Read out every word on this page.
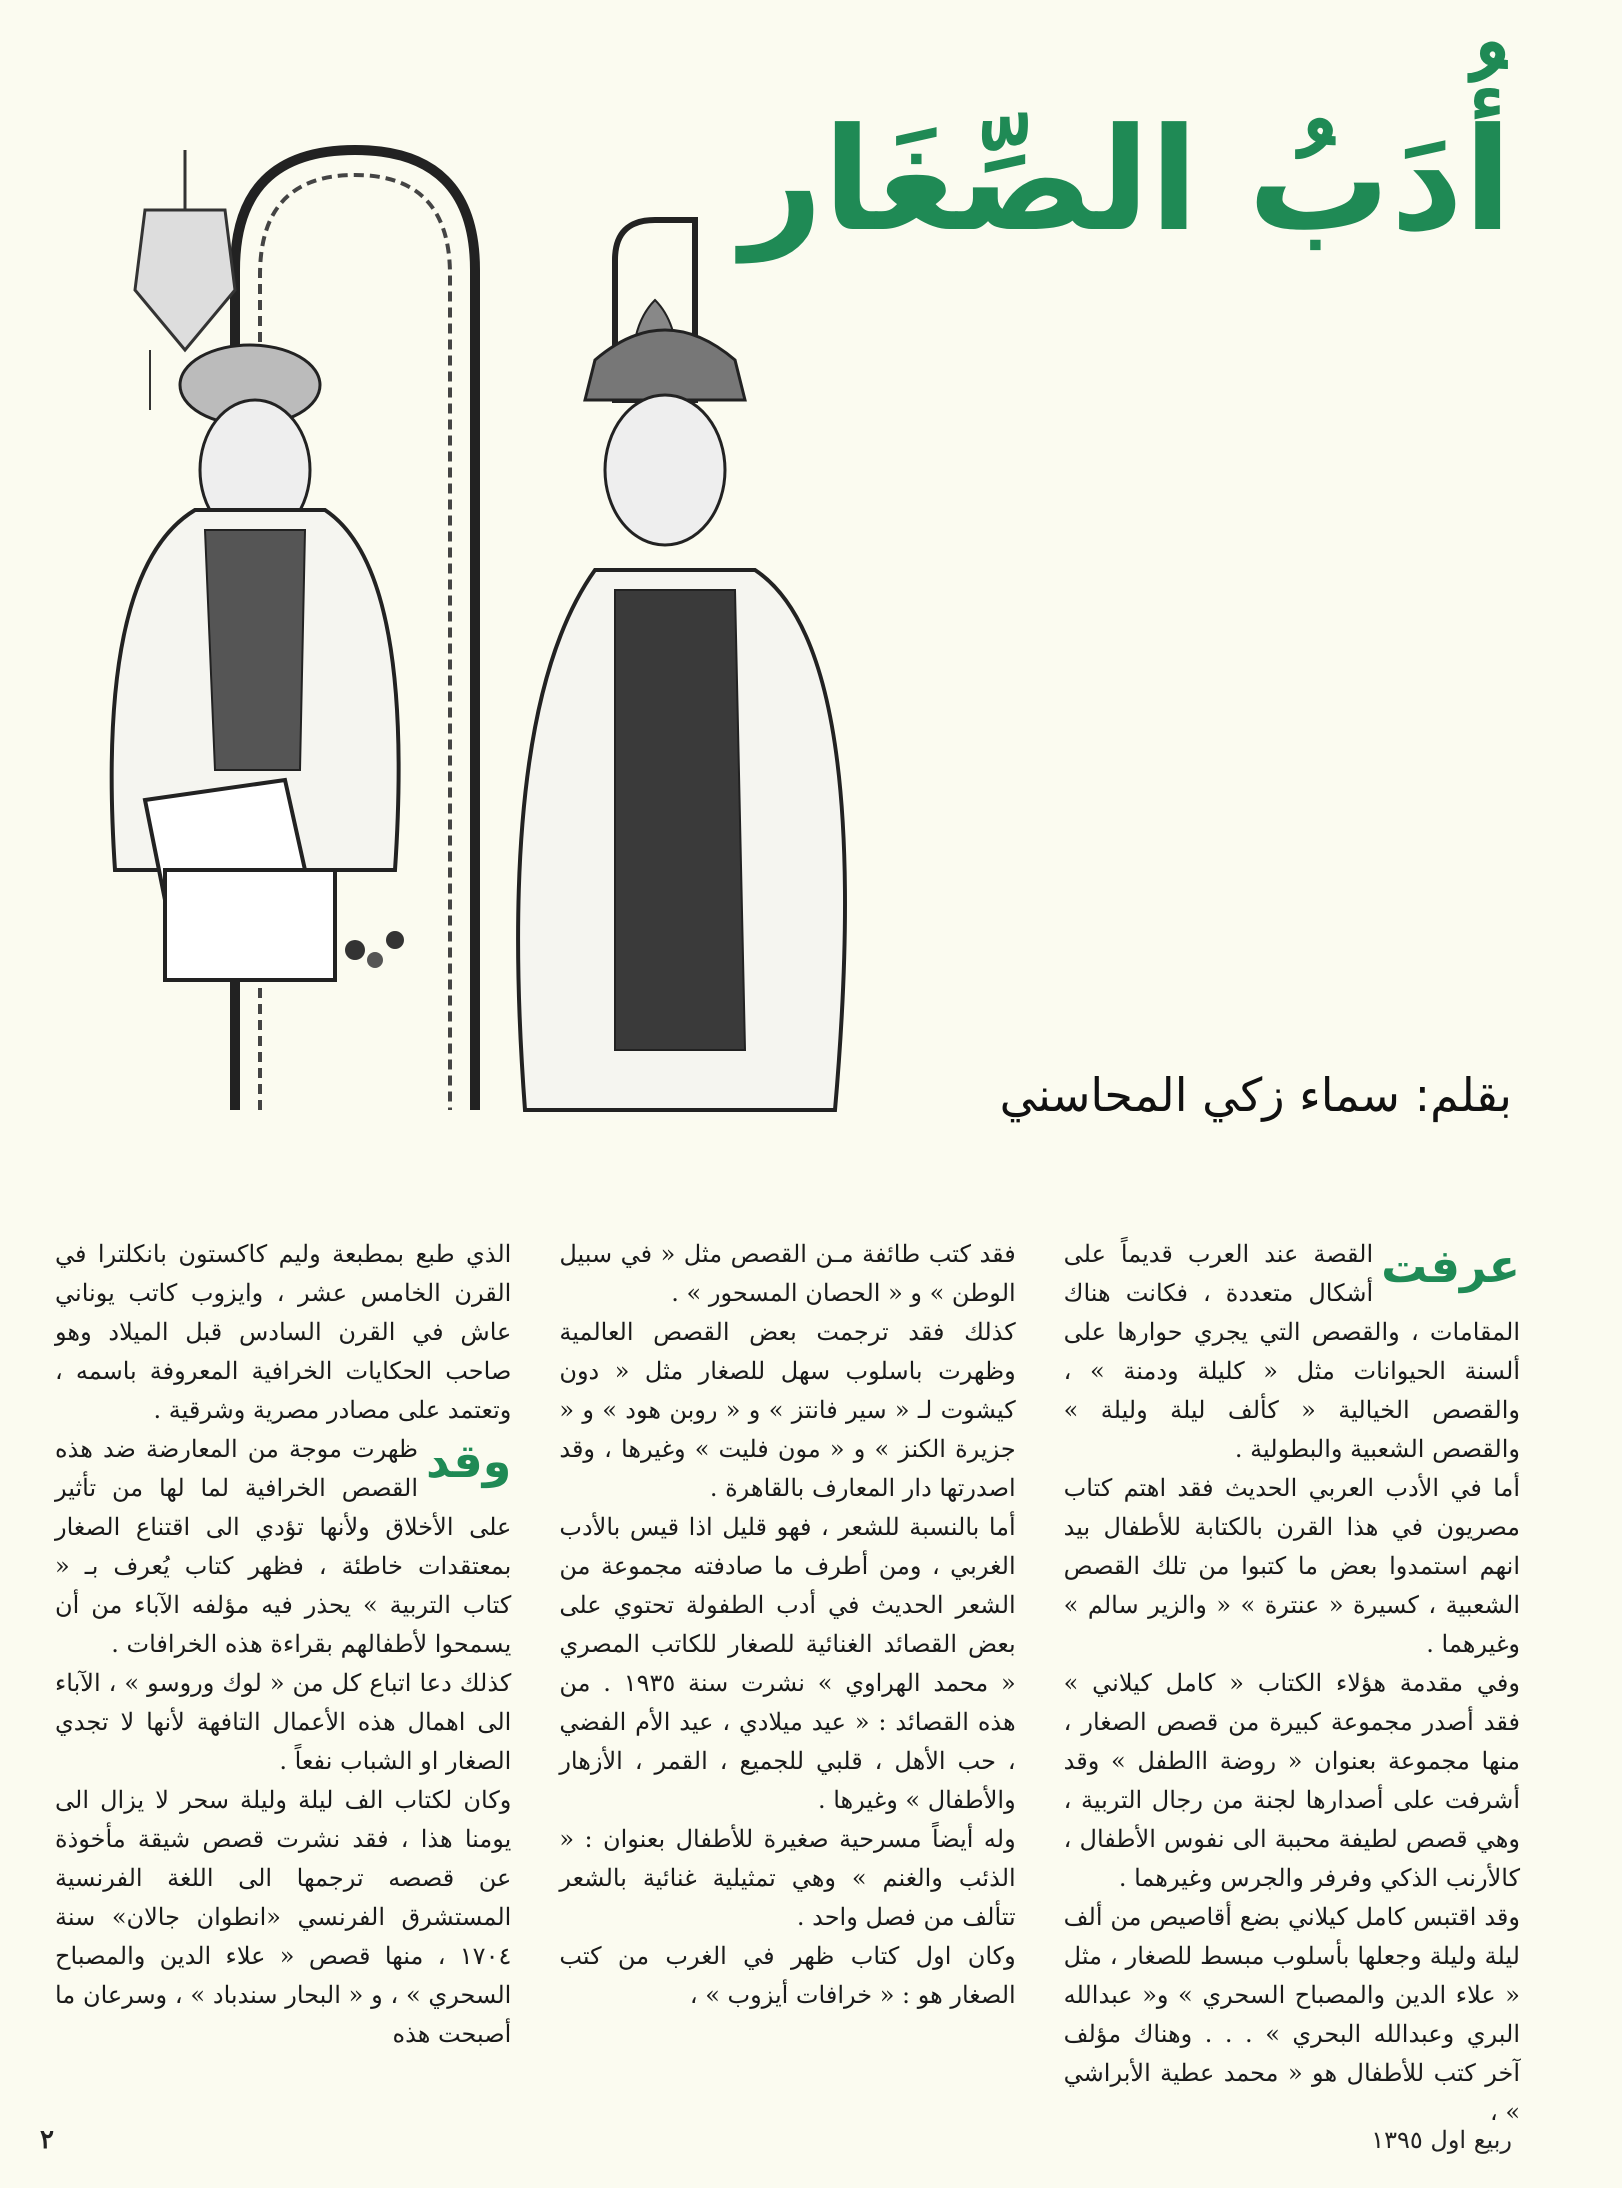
أُدَبُ الصِّغَار
بقلم: سماء زكي المحاسني
عرفت

القصة عند العرب قديماً على أشكال متعددة ، فكانت هناك المقامات ، والقصص التي يجري حوارها على ألسنة الحيوانات مثل « كليلة ودمنة » ، والقصص الخيالية « كألف ليلة وليلة » والقصص الشعبية والبطولية .

أما في الأدب العربي الحديث فقد اهتم كتاب مصريون في هذا القرن بالكتابة للأطفال بيد انهم استمدوا بعض ما كتبوا من تلك القصص الشعبية ، كسيرة « عنترة » « والزير سالم » وغيرهما .

وفي مقدمة هؤلاء الكتاب « كامل كيلاني » فقد أصدر مجموعة كبيرة من قصص الصغار ، منها مجموعة بعنوان « روضة االطفل » وقد أشرفت على أصدارها لجنة من رجال التربية ، وهي قصص لطيفة محببة الى نفوس الأطفال ، كالأرنب الذكي وفرفر والجرس وغيرهما .

وقد اقتبس كامل كيلاني بضع أقاصيص من ألف ليلة وليلة وجعلها بأسلوب مبسط للصغار ، مثل « علاء الدين والمصباح السحري » و« عبدالله البري وعبدالله البحري » . . . وهناك مؤلف آخر كتب للأطفال هو « محمد عطية الأبراشي » ،

فقد كتب طائفة مـن القصص مثل « في سبيل الوطن » و « الحصان المسحور » .

كذلك فقد ترجمت بعض القصص العالمية وظهرت باسلوب سهل للصغار مثل « دون كيشوت لـ « سير فانتز » و « روبن هود » و « جزيرة الكنز » و « مون فليت » وغيرها ، وقد اصدرتها دار المعارف بالقاهرة .

أما بالنسبة للشعر ، فهو قليل اذا قيس بالأدب الغربي ، ومن أطرف ما صادفته مجموعة من الشعر الحديث في أدب الطفولة تحتوي على بعض القصائد الغنائية للصغار للكاتب المصري « محمد الهراوي » نشرت سنة ١٩٣٥ . من هذه القصائد : « عيد ميلادي ، عيد الأم الفضي ، حب الأهل ، قلبي للجميع ، القمر ، الأزهار والأطفال » وغيرها .

وله أيضاً مسرحية صغيرة للأطفال بعنوان : « الذئب والغنم » وهي تمثيلية غنائية بالشعر تتألف من فصل واحد .

وكان اول كتاب ظهر في الغرب من كتب الصغار هو : « خرافات أيزوب » ،

الذي طبع بمطبعة وليم كاكستون بانكلترا في القرن الخامس عشر ، وايزوب كاتب يوناني عاش في القرن السادس قبل الميلاد وهو صاحب الحكايات الخرافية المعروفة باسمه ، وتعتمد على مصادر مصرية وشرقية .

وقد

ظهرت موجة من المعارضة ضد هذه القصص الخرافية لما لها من تأثير على الأخلاق ولأنها تؤدي الى اقتناع الصغار بمعتقدات خاطئة ، فظهر كتاب يُعرف بـ « كتاب التربية » يحذر فيه مؤلفه الآباء من أن يسمحوا لأطفالهم بقراءة هذه الخرافات .

كذلك دعا اتباع كل من « لوك وروسو » ، الآباء الى اهمال هذه الأعمال التافهة لأنها لا تجدي الصغار او الشباب نفعاً .

وكان لكتاب الف ليلة وليلة سحر لا يزال الى يومنا هذا ، فقد نشرت قصص شيقة مأخوذة عن قصصه ترجمها الى اللغة الفرنسية المستشرق الفرنسي «انطوان جالان» سنة ١٧٠٤ ، منها قصص « علاء الدين والمصباح السحري » ، و « البحار سندباد » ، وسرعان ما أصبحت هذه

ربيع اول ١٣٩٥
٢
